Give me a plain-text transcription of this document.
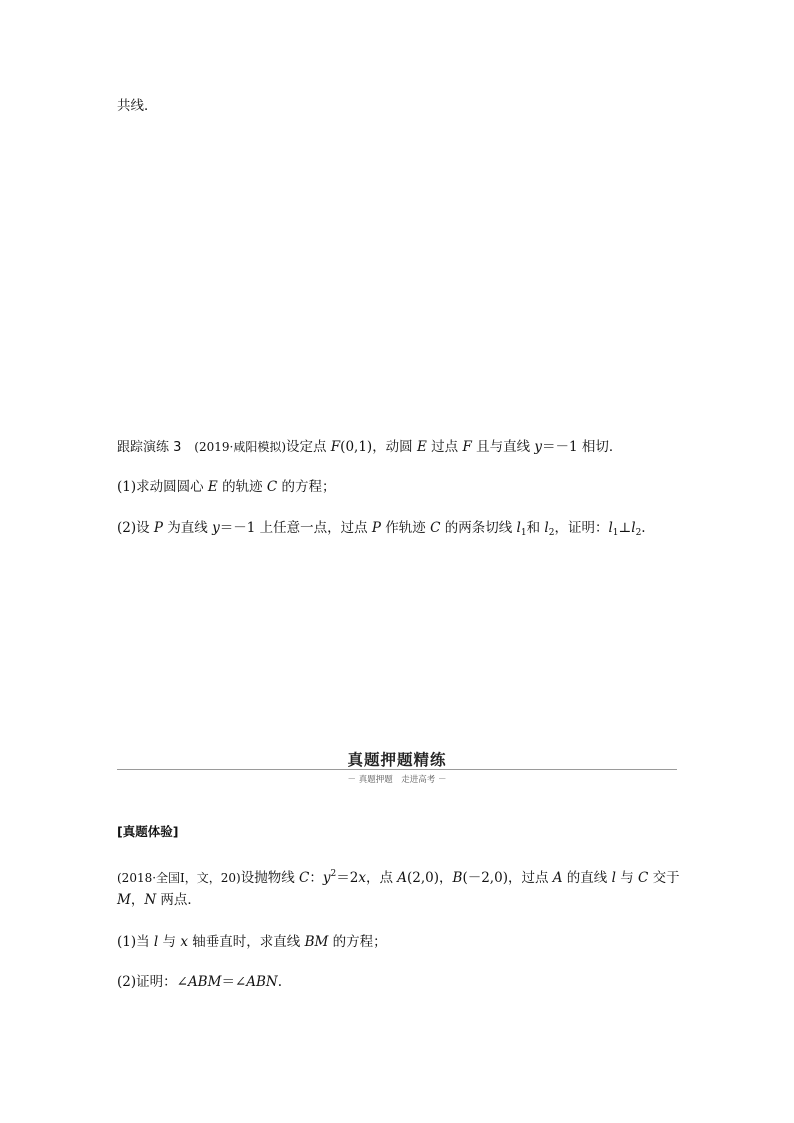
共线．
跟踪演练 3 (2019·咸阳模拟)设定点 F(0,1)，动圆 E 过点 F 且与直线 y＝－1 相切．
(1)求动圆圆心 E 的轨迹 C 的方程；
(2)设 P 为直线 y＝－1 上任意一点，过点 P 作轨迹 C 的两条切线 $l_1$和 $l_2$，证明：$l_1\perp l_2$.
真题押题精练
－ 真题押题　走进高考 －
[真题体验]
(2018·全国Ⅰ，文，20)设抛物线 C：$y^2=2x$，点 A(2,0)，B(－2,0)，过点 A 的直线 l 与 C 交于
M，N 两点．
(1)当 l 与 x 轴垂直时，求直线 BM 的方程；
(2)证明：∠ABM＝∠ABN.
